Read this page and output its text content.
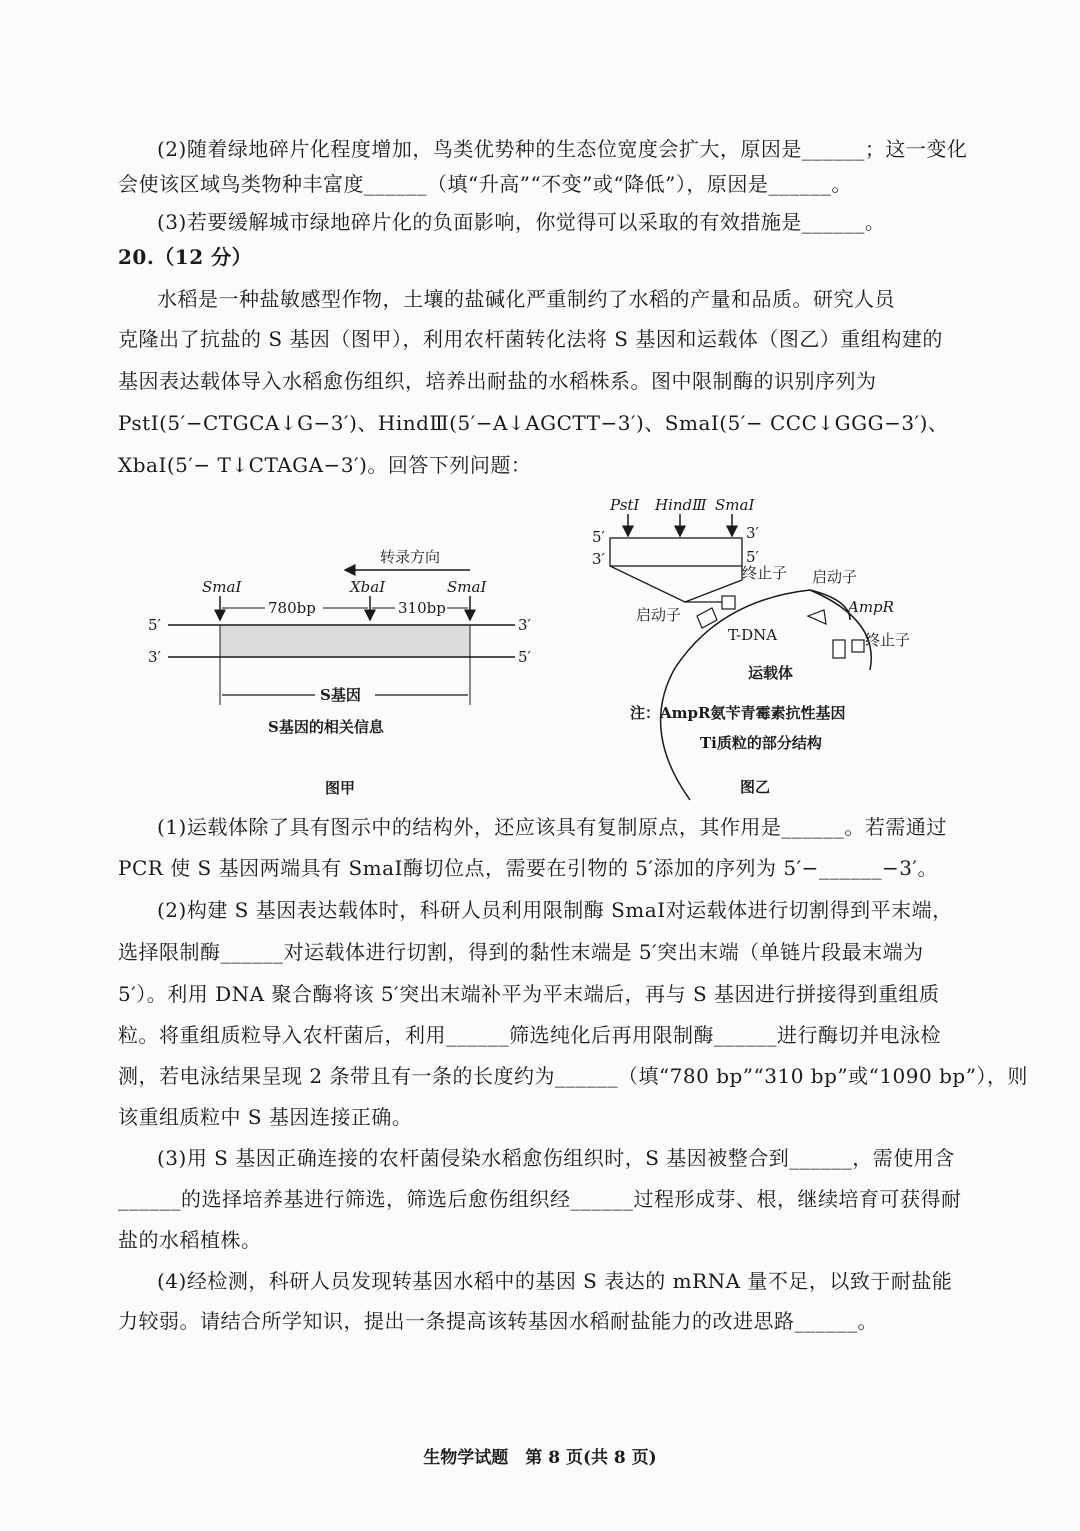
(2)随着绿地碎片化程度增加，鸟类优势种的生态位宽度会扩大，原因是______；这一变化
会使该区域鸟类物种丰富度______（填“升高”“不变”或“降低”），原因是______。
(3)若要缓解城市绿地碎片化的负面影响，你觉得可以采取的有效措施是______。
20.（12 分）
水稻是一种盐敏感型作物，土壤的盐碱化严重制约了水稻的产量和品质。研究人员
克隆出了抗盐的 S 基因（图甲），利用农杆菌转化法将 S 基因和运载体（图乙）重组构建的
基因表达载体导入水稻愈伤组织，培养出耐盐的水稻株系。图中限制酶的识别序列为
PstⅠ(5′−CTGCA↓G−3′)、HindⅢ(5′−A↓AGCTT−3′)、SmaⅠ(5′− CCC↓GGG−3′)、
XbaⅠ(5′− T↓CTAGA−3′)。回答下列问题：
转录方向
SmaⅠ	XbaⅠ	SmaⅠ
780bp	310bp
5′	3′
3′	5′
S基因
S基因的相关信息
图甲
PstⅠ HindⅢ SmaⅠ
5′
3′
3′
5′
终止子
启动子
启动子
T-DNA
AmpR
终止子
运载体
注：AmpR氨苄青霉素抗性基因
Ti质粒的部分结构
图乙
(1)运载体除了具有图示中的结构外，还应该具有复制原点，其作用是______。若需通过
PCR 使 S 基因两端具有 SmaⅠ酶切位点，需要在引物的 5′添加的序列为 5′−______−3′。
(2)构建 S 基因表达载体时，科研人员利用限制酶 SmaⅠ对运载体进行切割得到平末端，
选择限制酶______对运载体进行切割，得到的黏性末端是 5′突出末端（单链片段最末端为
5′）。利用 DNA 聚合酶将该 5′突出末端补平为平末端后，再与 S 基因进行拼接得到重组质
粒。将重组质粒导入农杆菌后，利用______筛选纯化后再用限制酶______进行酶切并电泳检
测，若电泳结果呈现 2 条带且有一条的长度约为______（填“780 bp”“310 bp”或“1090 bp”），则
该重组质粒中 S 基因连接正确。
(3)用 S 基因正确连接的农杆菌侵染水稻愈伤组织时，S 基因被整合到______，需使用含
______的选择培养基进行筛选，筛选后愈伤组织经______过程形成芽、根，继续培育可获得耐
盐的水稻植株。
(4)经检测，科研人员发现转基因水稻中的基因 S 表达的 mRNA 量不足，以致于耐盐能
力较弱。请结合所学知识，提出一条提高该转基因水稻耐盐能力的改进思路______。
生物学试题　第 8 页(共 8 页)
